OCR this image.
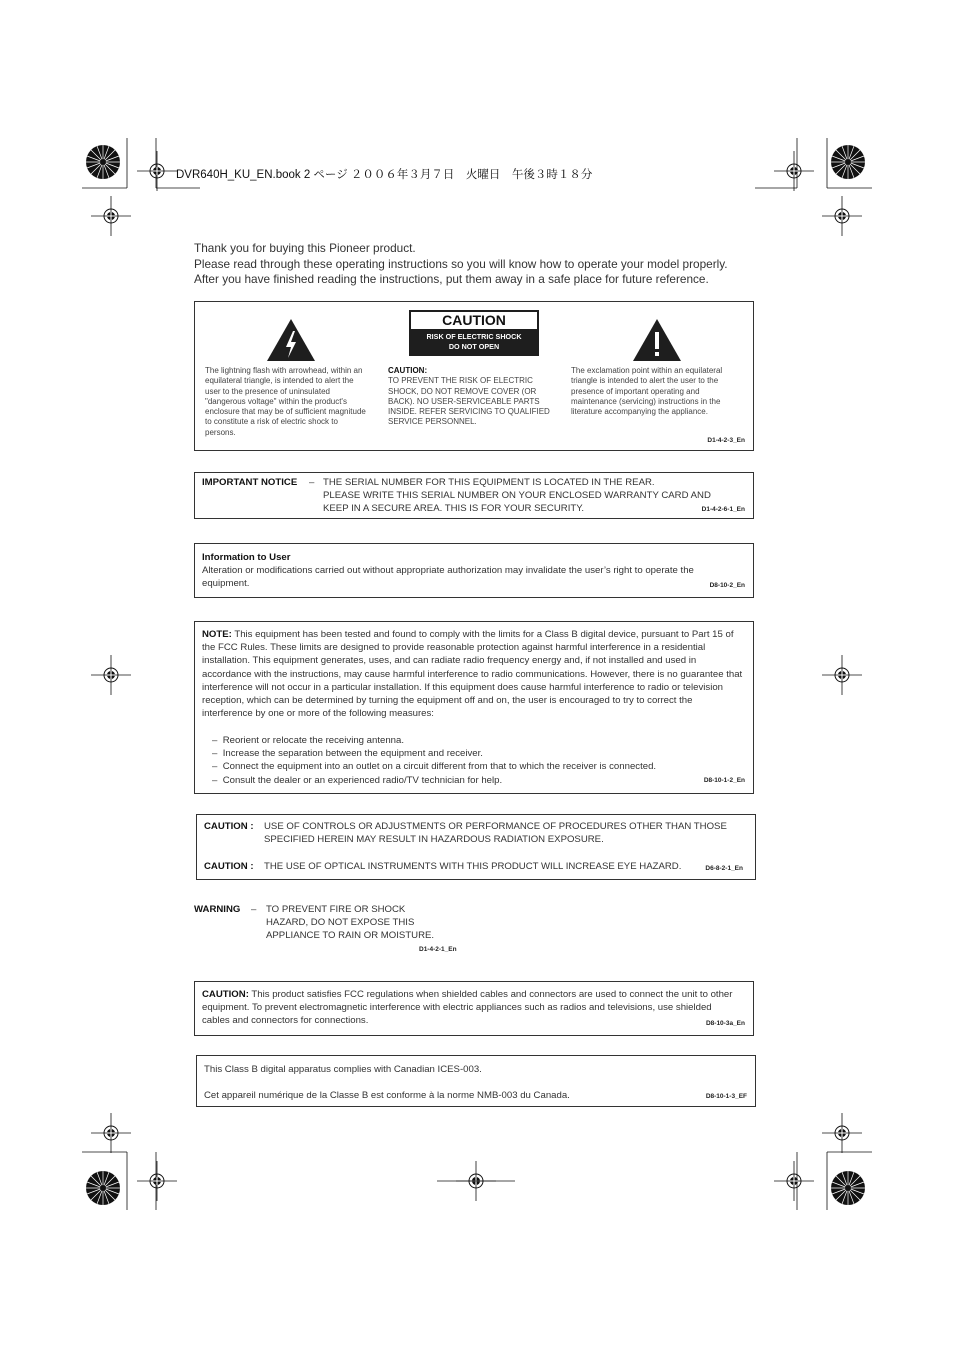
DVR640H_KU_EN.book 2 ページ ２００６年３月７日　火曜日　午後３時１８分
Thank you for buying this Pioneer product.
Please read through these operating instructions so you will know how to operate your model properly.
After you have finished reading the instructions, put them away in a safe place for future reference.
CAUTION
RISK OF ELECTRIC SHOCK
DO NOT OPEN
The lightning flash with arrowhead, within an equilateral triangle, is intended to alert the user to the presence of uninsulated "dangerous voltage" within the product's enclosure that may be of sufficient magnitude to constitute a risk of electric shock to persons.
CAUTION:
TO PREVENT THE RISK OF ELECTRIC SHOCK, DO NOT REMOVE COVER (OR BACK). NO USER-SERVICEABLE PARTS INSIDE. REFER SERVICING TO QUALIFIED SERVICE PERSONNEL.
The exclamation point within an equilateral triangle is intended to alert the user to the presence of important operating and maintenance (servicing) instructions in the literature accompanying the appliance.
D1-4-2-3_En
IMPORTANT NOTICE – THE SERIAL NUMBER FOR THIS EQUIPMENT IS LOCATED IN THE REAR.
PLEASE WRITE THIS SERIAL NUMBER ON YOUR ENCLOSED WARRANTY CARD AND
KEEP IN A SECURE AREA. THIS IS FOR YOUR SECURITY.	D1-4-2-6-1_En
Information to User
Alteration or modifications carried out without appropriate authorization may invalidate the user’s right to operate the equipment.	D8-10-2_En
NOTE: This equipment has been tested and found to comply with the limits for a Class B digital device, pursuant to Part 15 of the FCC Rules. These limits are designed to provide reasonable protection against harmful interference in a residential installation. This equipment generates, uses, and can radiate radio frequency energy and, if not installed and used in accordance with the instructions, may cause harmful interference to radio communications. However, there is no guarantee that interference will not occur in a particular installation. If this equipment does cause harmful interference to radio or television reception, which can be determined by turning the equipment off and on, the user is encouraged to try to correct the interference by one or more of the following measures:
– Reorient or relocate the receiving antenna.
– Increase the separation between the equipment and receiver.
– Connect the equipment into an outlet on a circuit different from that to which the receiver is connected.
– Consult the dealer or an experienced radio/TV technician for help.	D8-10-1-2_En
CAUTION : USE OF CONTROLS OR ADJUSTMENTS OR PERFORMANCE OF PROCEDURES OTHER THAN THOSE SPECIFIED HEREIN MAY RESULT IN HAZARDOUS RADIATION EXPOSURE.
CAUTION : THE USE OF OPTICAL INSTRUMENTS WITH THIS PRODUCT WILL INCREASE EYE HAZARD.	D6-8-2-1_En
WARNING – TO PREVENT FIRE OR SHOCK
HAZARD, DO NOT EXPOSE THIS
APPLIANCE TO RAIN OR MOISTURE.
D1-4-2-1_En
CAUTION: This product satisfies FCC regulations when shielded cables and connectors are used to connect the unit to other equipment. To prevent electromagnetic interference with electric appliances such as radios and televisions, use shielded cables and connectors for connections.	D8-10-3a_En
This Class B digital apparatus complies with Canadian ICES-003.
Cet appareil numérique de la Classe B est conforme à la norme NMB-003 du Canada.	D8-10-1-3_EF
